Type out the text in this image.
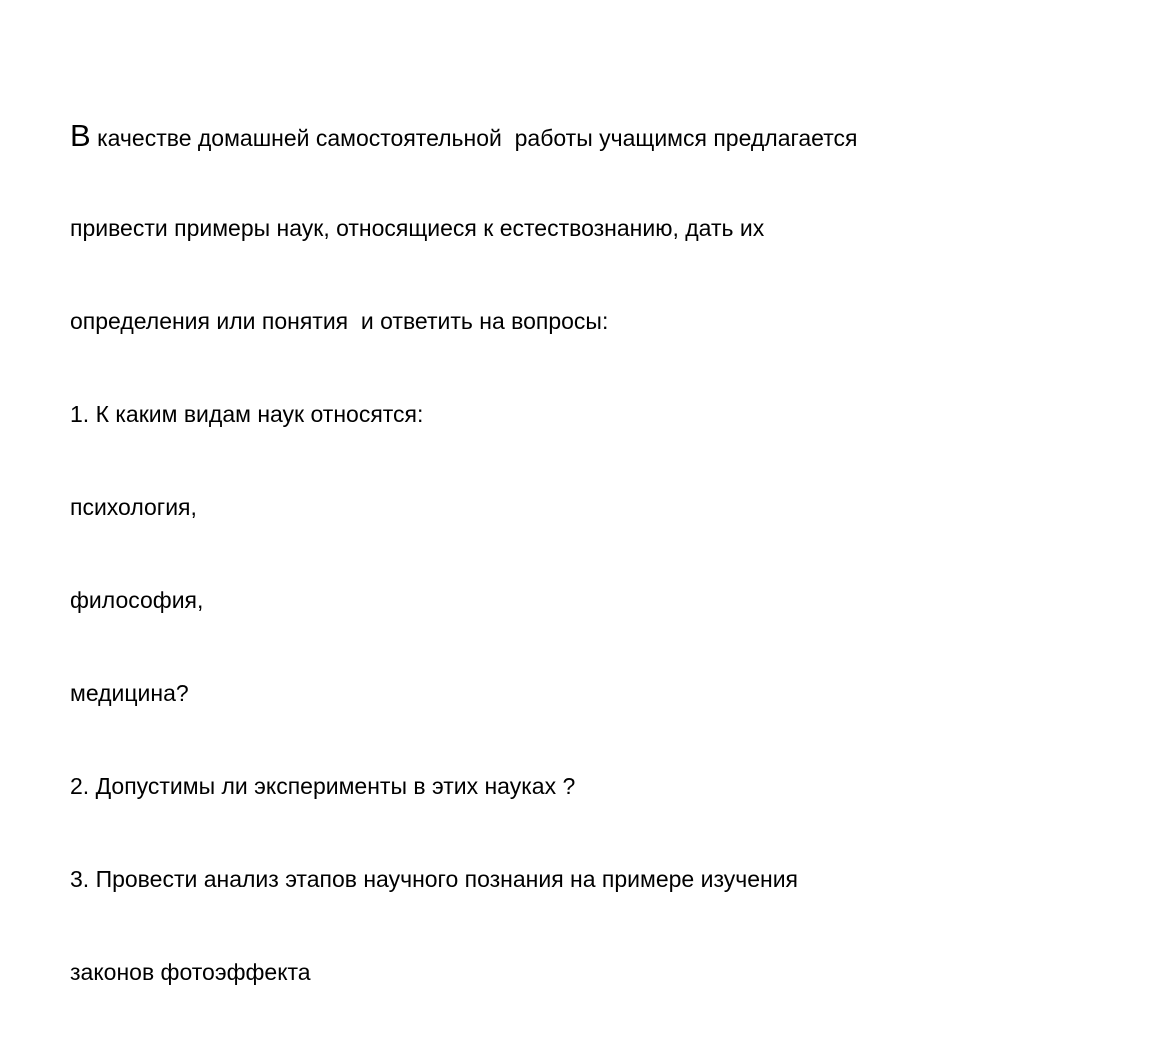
В качестве домашней самостоятельной  работы учащимся предлагается

привести примеры наук, относящиеся к естествознанию, дать их

определения или понятия  и ответить на вопросы:

1. К каким видам наук относятся:

психология,

философия,

медицина?

2. Допустимы ли эксперименты в этих науках ?

3. Провести анализ этапов научного познания на примере изучения

законов фотоэффекта
